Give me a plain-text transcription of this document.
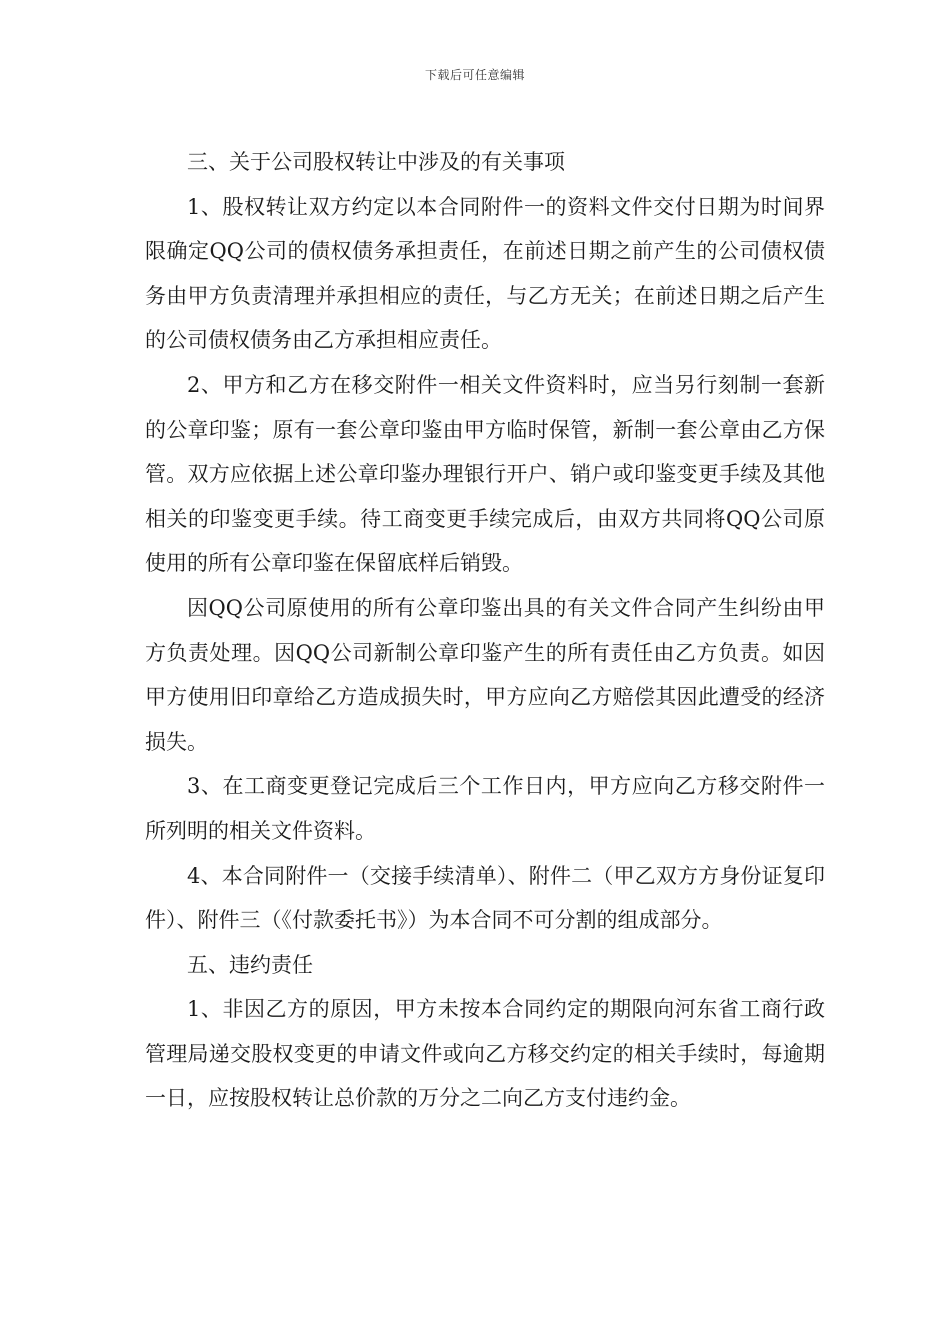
下载后可任意编辑

三、关于公司股权转让中涉及的有关事项

1、股权转让双方约定以本合同附件一的资料文件交付日期为时间界限确定QQ公司的债权债务承担责任，在前述日期之前产生的公司债权债务由甲方负责清理并承担相应的责任，与乙方无关；在前述日期之后产生的公司债权债务由乙方承担相应责任。

2、甲方和乙方在移交附件一相关文件资料时，应当另行刻制一套新的公章印鉴；原有一套公章印鉴由甲方临时保管，新制一套公章由乙方保管。双方应依据上述公章印鉴办理银行开户、销户或印鉴变更手续及其他相关的印鉴变更手续。待工商变更手续完成后，由双方共同将QQ公司原使用的所有公章印鉴在保留底样后销毁。

因QQ公司原使用的所有公章印鉴出具的有关文件合同产生纠纷由甲方负责处理。因QQ公司新制公章印鉴产生的所有责任由乙方负责。如因甲方使用旧印章给乙方造成损失时，甲方应向乙方赔偿其因此遭受的经济损失。

3、在工商变更登记完成后三个工作日内，甲方应向乙方移交附件一所列明的相关文件资料。

4、本合同附件一（交接手续清单）、附件二（甲乙双方方身份证复印件）、附件三（《付款委托书》）为本合同不可分割的组成部分。

五、违约责任

1、非因乙方的原因，甲方未按本合同约定的期限向河东省工商行政管理局递交股权变更的申请文件或向乙方移交约定的相关手续时，每逾期一日，应按股权转让总价款的万分之二向乙方支付违约金。
